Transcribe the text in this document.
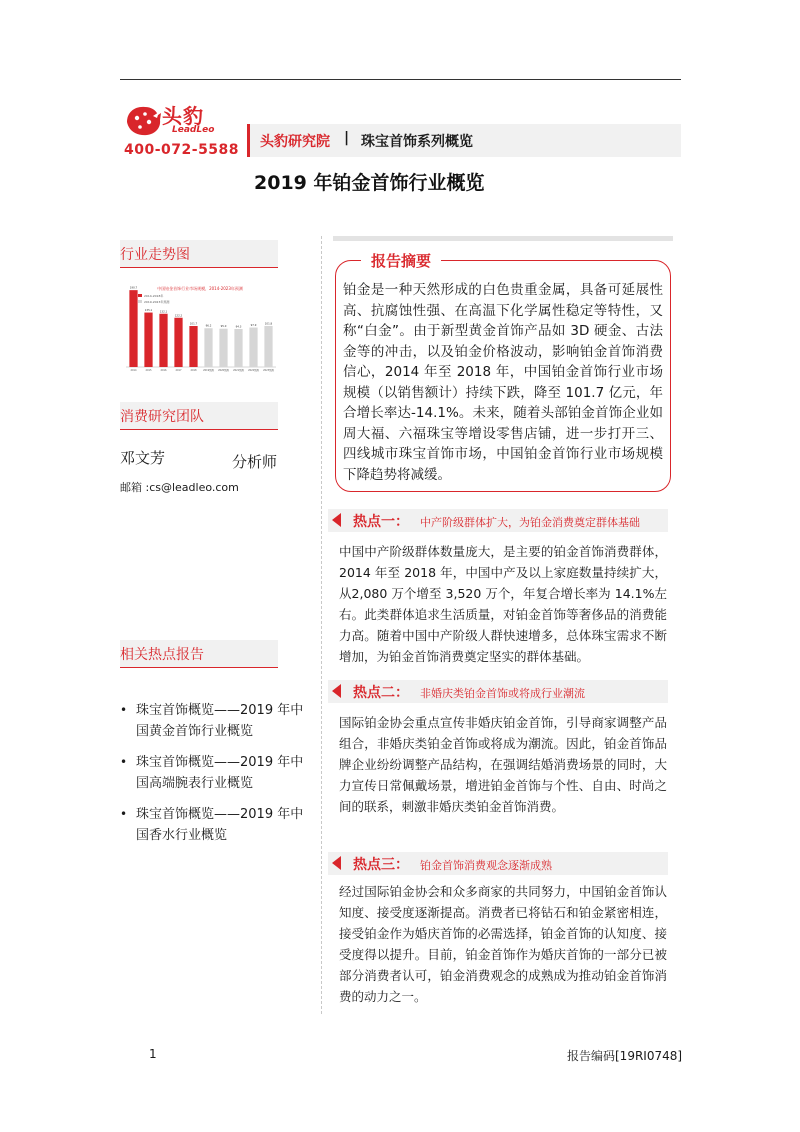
头豹
LeadLeo
400-072-5588 头豹研究院 | 珠宝首饰系列概览
2019 年铂金首饰行业概览
行业走势图
中国铂金首饰行业市场规模，2014-2023年预测
2014-2018年
2019-2023年预测
190.7
2014
135.1
2015
132.1
2016
122.2
2017
101.7
2018
96.2
2019预测
95.0
2020预测
94.3
2021预测
97.9
2022预测
101.8
2023预测
消费研究团队
邓文芳	分析师
邮箱 :cs@leadleo.com
相关热点报告
• 珠宝首饰概览——2019 年中国黄金首饰行业概览
• 珠宝首饰概览——2019 年中国高端腕表行业概览
• 珠宝首饰概览——2019 年中国香水行业概览
报告摘要
铂金是一种天然形成的白色贵重金属，具备可延展性高、抗腐蚀性强、在高温下化学属性稳定等特性，又称“白金”。由于新型黄金首饰产品如 3D 硬金、古法金等的冲击，以及铂金价格波动，影响铂金首饰消费信心，2014 年至 2018 年，中国铂金首饰行业市场规模（以销售额计）持续下跌，降至 101.7 亿元，年合增长率达-14.1%。未来，随着头部铂金首饰企业如周大福、六福珠宝等增设零售店铺，进一步打开三、四线城市珠宝首饰市场，中国铂金首饰行业市场规模下降趋势将减缓。
热点一： 中产阶级群体扩大，为铂金消费奠定群体基础
中国中产阶级群体数量庞大，是主要的铂金首饰消费群体，2014 年至 2018 年，中国中产及以上家庭数量持续扩大，从2,080 万个增至 3,520 万个，年复合增长率为 14.1%左右。此类群体追求生活质量，对铂金首饰等奢侈品的消费能力高。随着中国中产阶级人群快速增多，总体珠宝需求不断增加，为铂金首饰消费奠定坚实的群体基础。
热点二： 非婚庆类铂金首饰或将成行业潮流
国际铂金协会重点宣传非婚庆铂金首饰，引导商家调整产品组合，非婚庆类铂金首饰或将成为潮流。因此，铂金首饰品牌企业纷纷调整产品结构，在强调结婚消费场景的同时，大力宣传日常佩戴场景，增进铂金首饰与个性、自由、时尚之间的联系，刺激非婚庆类铂金首饰消费。
热点三： 铂金首饰消费观念逐渐成熟
经过国际铂金协会和众多商家的共同努力，中国铂金首饰认知度、接受度逐渐提高。消费者已将钻石和铂金紧密相连，接受铂金作为婚庆首饰的必需选择，铂金首饰的认知度、接受度得以提升。目前，铂金首饰作为婚庆首饰的一部分已被部分消费者认可，铂金消费观念的成熟成为推动铂金首饰消费的动力之一。
1	报告编码[19RI0748]
